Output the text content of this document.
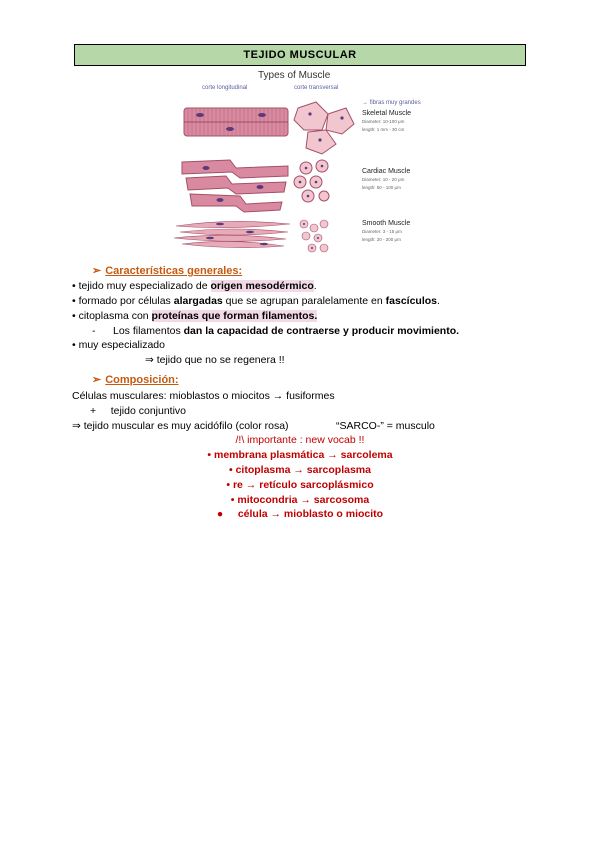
TEJIDO MUSCULAR
Types of Muscle
corte longitudinal	corte transversal
→ fibras muy grandes
Skeletal Muscle
Diameter: 10-100 μm
length: 1 mm - 30 cm
Cardiac Muscle
Diameter: 10 - 20 μm
length: 50 - 100 μm
Smooth Muscle
Diameter: 3 - 15 μm
length: 20 - 200 μm
➢ Características generales:
• tejido muy especializado de origen mesodérmico.
• formado por células alargadas que se agrupan paralelamente en fascículos.
• citoplasma con proteínas que forman filamentos.
-      Los filamentos dan la capacidad de contraerse y producir movimiento.
• muy especializado
⇒ tejido que no se regenera !!
➢ Composición:
Células musculares: mioblastos o miocitos → fusiformes
+     tejido conjuntivo
⇒ tejido muscular es muy acidófilo (color rosa)	“SARCO-” = musculo
/!\ importante : new vocab !!
• membrana plasmática → sarcolema
• citoplasma → sarcoplasma
• re → retículo sarcoplásmico
• mitocondria → sarcosoma
●     célula → mioblasto o miocito
